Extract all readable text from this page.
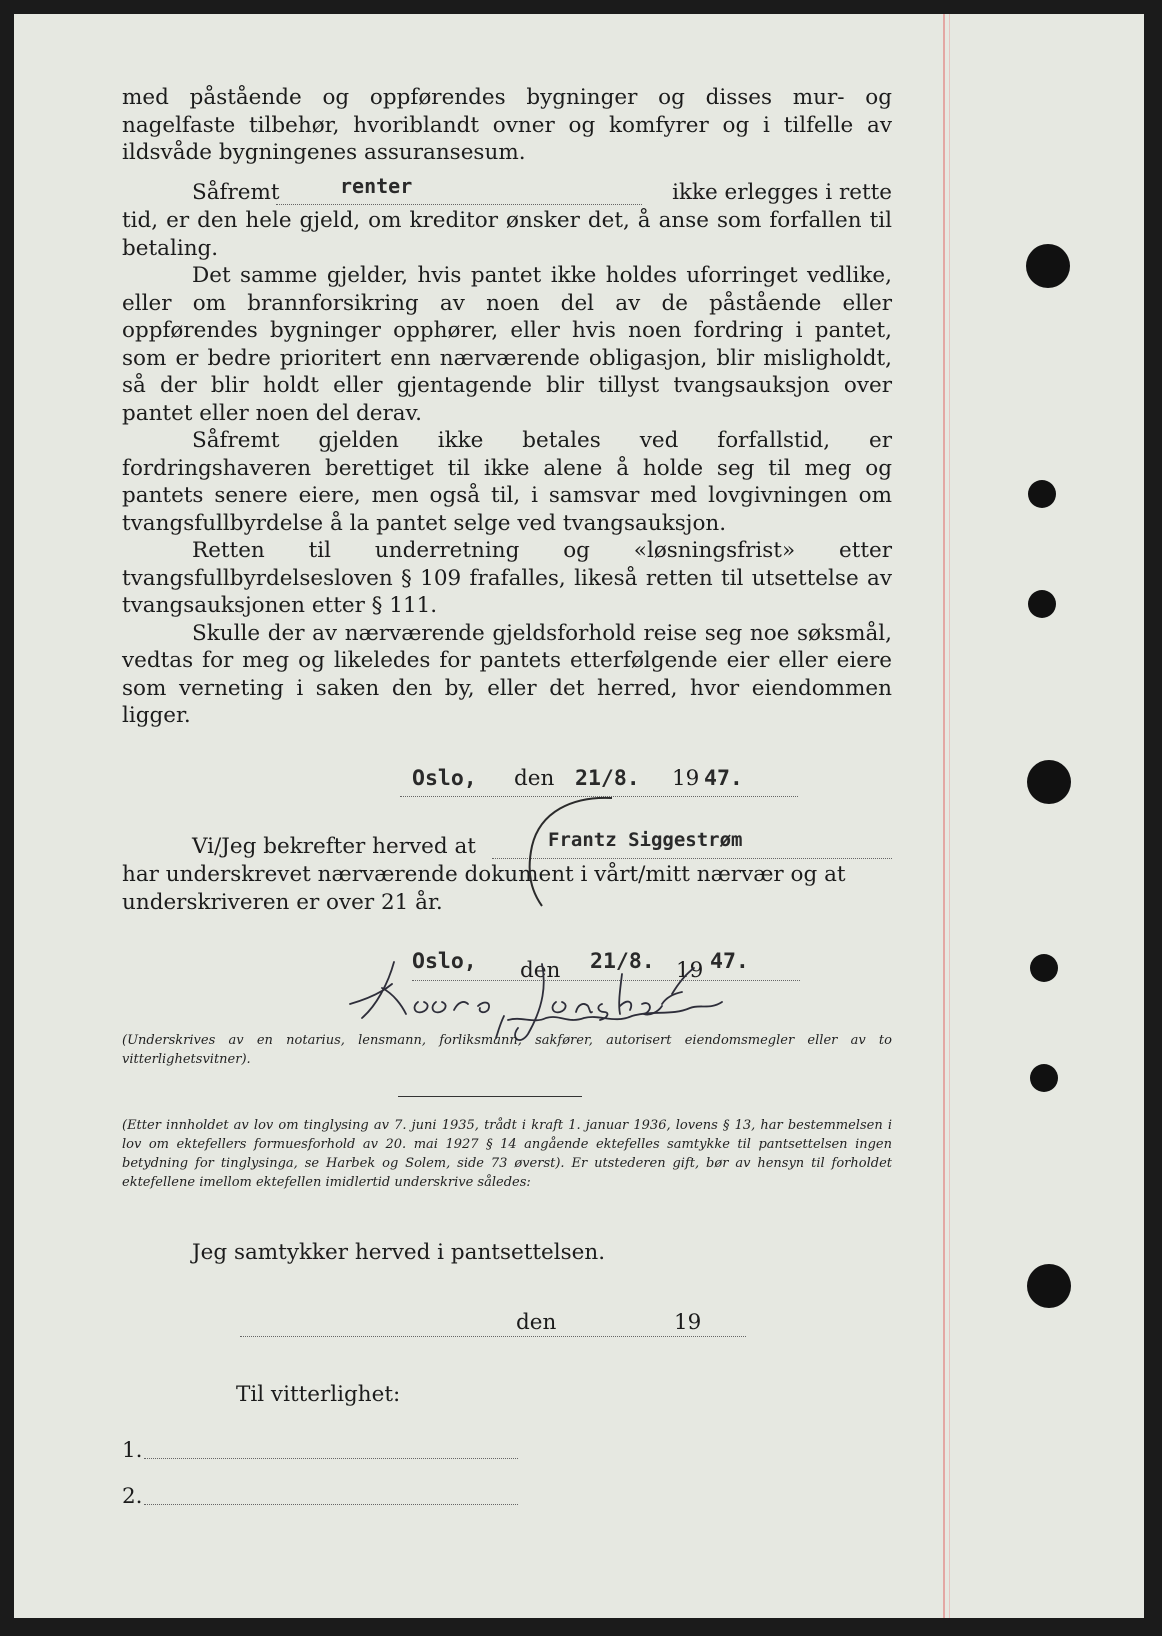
med påstående og oppførendes bygninger og disses mur- og nagelfaste tilbehør, hvoriblandt ovner og komfyrer og i tilfelle av ildsvåde bygningenes assuransesum.

Såfremt	renter	ikke erlegges i rette

tid, er den hele gjeld, om kreditor ønsker det, å anse som forfallen til betaling.

Det samme gjelder, hvis pantet ikke holdes uforringet vedlike, eller om brannforsikring av noen del av de påstående eller oppførendes bygninger opphører, eller hvis noen fordring i pantet, som er bedre prioritert enn nærværende obligasjon, blir misligholdt, så der blir holdt eller gjentagende blir tillyst tvangsauksjon over pantet eller noen del derav.

Såfremt gjelden ikke betales ved forfallstid, er fordringshaveren berettiget til ikke alene å holde seg til meg og pantets senere eiere, men også til, i samsvar med lovgivningen om tvangsfullbyrdelse å la pantet selge ved tvangsauksjon.

Retten til underretning og «løsningsfrist» etter tvangsfullbyrdelsesloven § 109 frafalles, likeså retten til utsettelse av tvangsauksjonen etter § 111.

Skulle der av nærværende gjeldsforhold reise seg noe søksmål, vedtas for meg og likeledes for pantets etterfølgende eier eller eiere som verneting i saken den by, eller det herred, hvor eiendommen ligger.

Oslo, den 21/8. 19 47.
Vi/Jeg bekrefter herved at	Frantz Siggestrøm
har underskrevet nærværende dokument i vårt/mitt nærvær og at
underskriveren er over 21 år.
Oslo, den 21/8. 19 47.
(Underskrives av en notarius, lensmann, forliksmann, sakfører, autorisert eiendomsmegler eller av to vitterlighetsvitner).
(Etter innholdet av lov om tinglysing av 7. juni 1935, trådt i kraft 1. januar 1936, lovens § 13, har bestemmelsen i lov om ektefellers formuesforhold av 20. mai 1927 § 14 angående ektefelles samtykke til pantsettelsen ingen betydning for tinglysinga, se Harbek og Solem, side 73 øverst). Er utstederen gift, bør av hensyn til forholdet ektefellene imellom ektefellen imidlertid underskrive således:
Jeg samtykker herved i pantsettelsen.
den	19
Til vitterlighet:
1.
2.
